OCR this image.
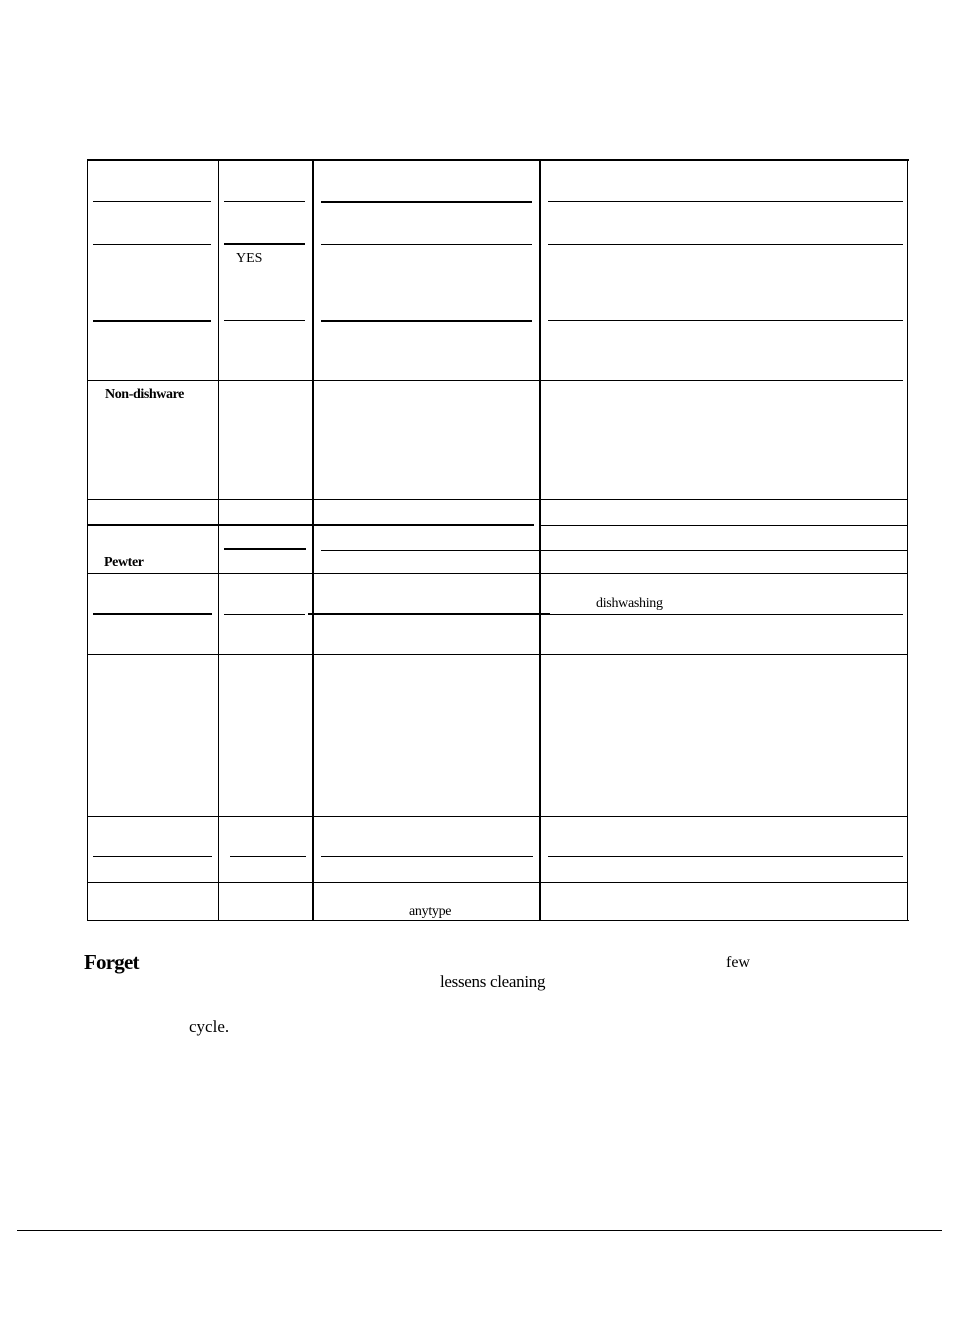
YES
Non-dishware
Pewter
dishwashing
anytype
Forget	few
lessens cleaning
cycle.
